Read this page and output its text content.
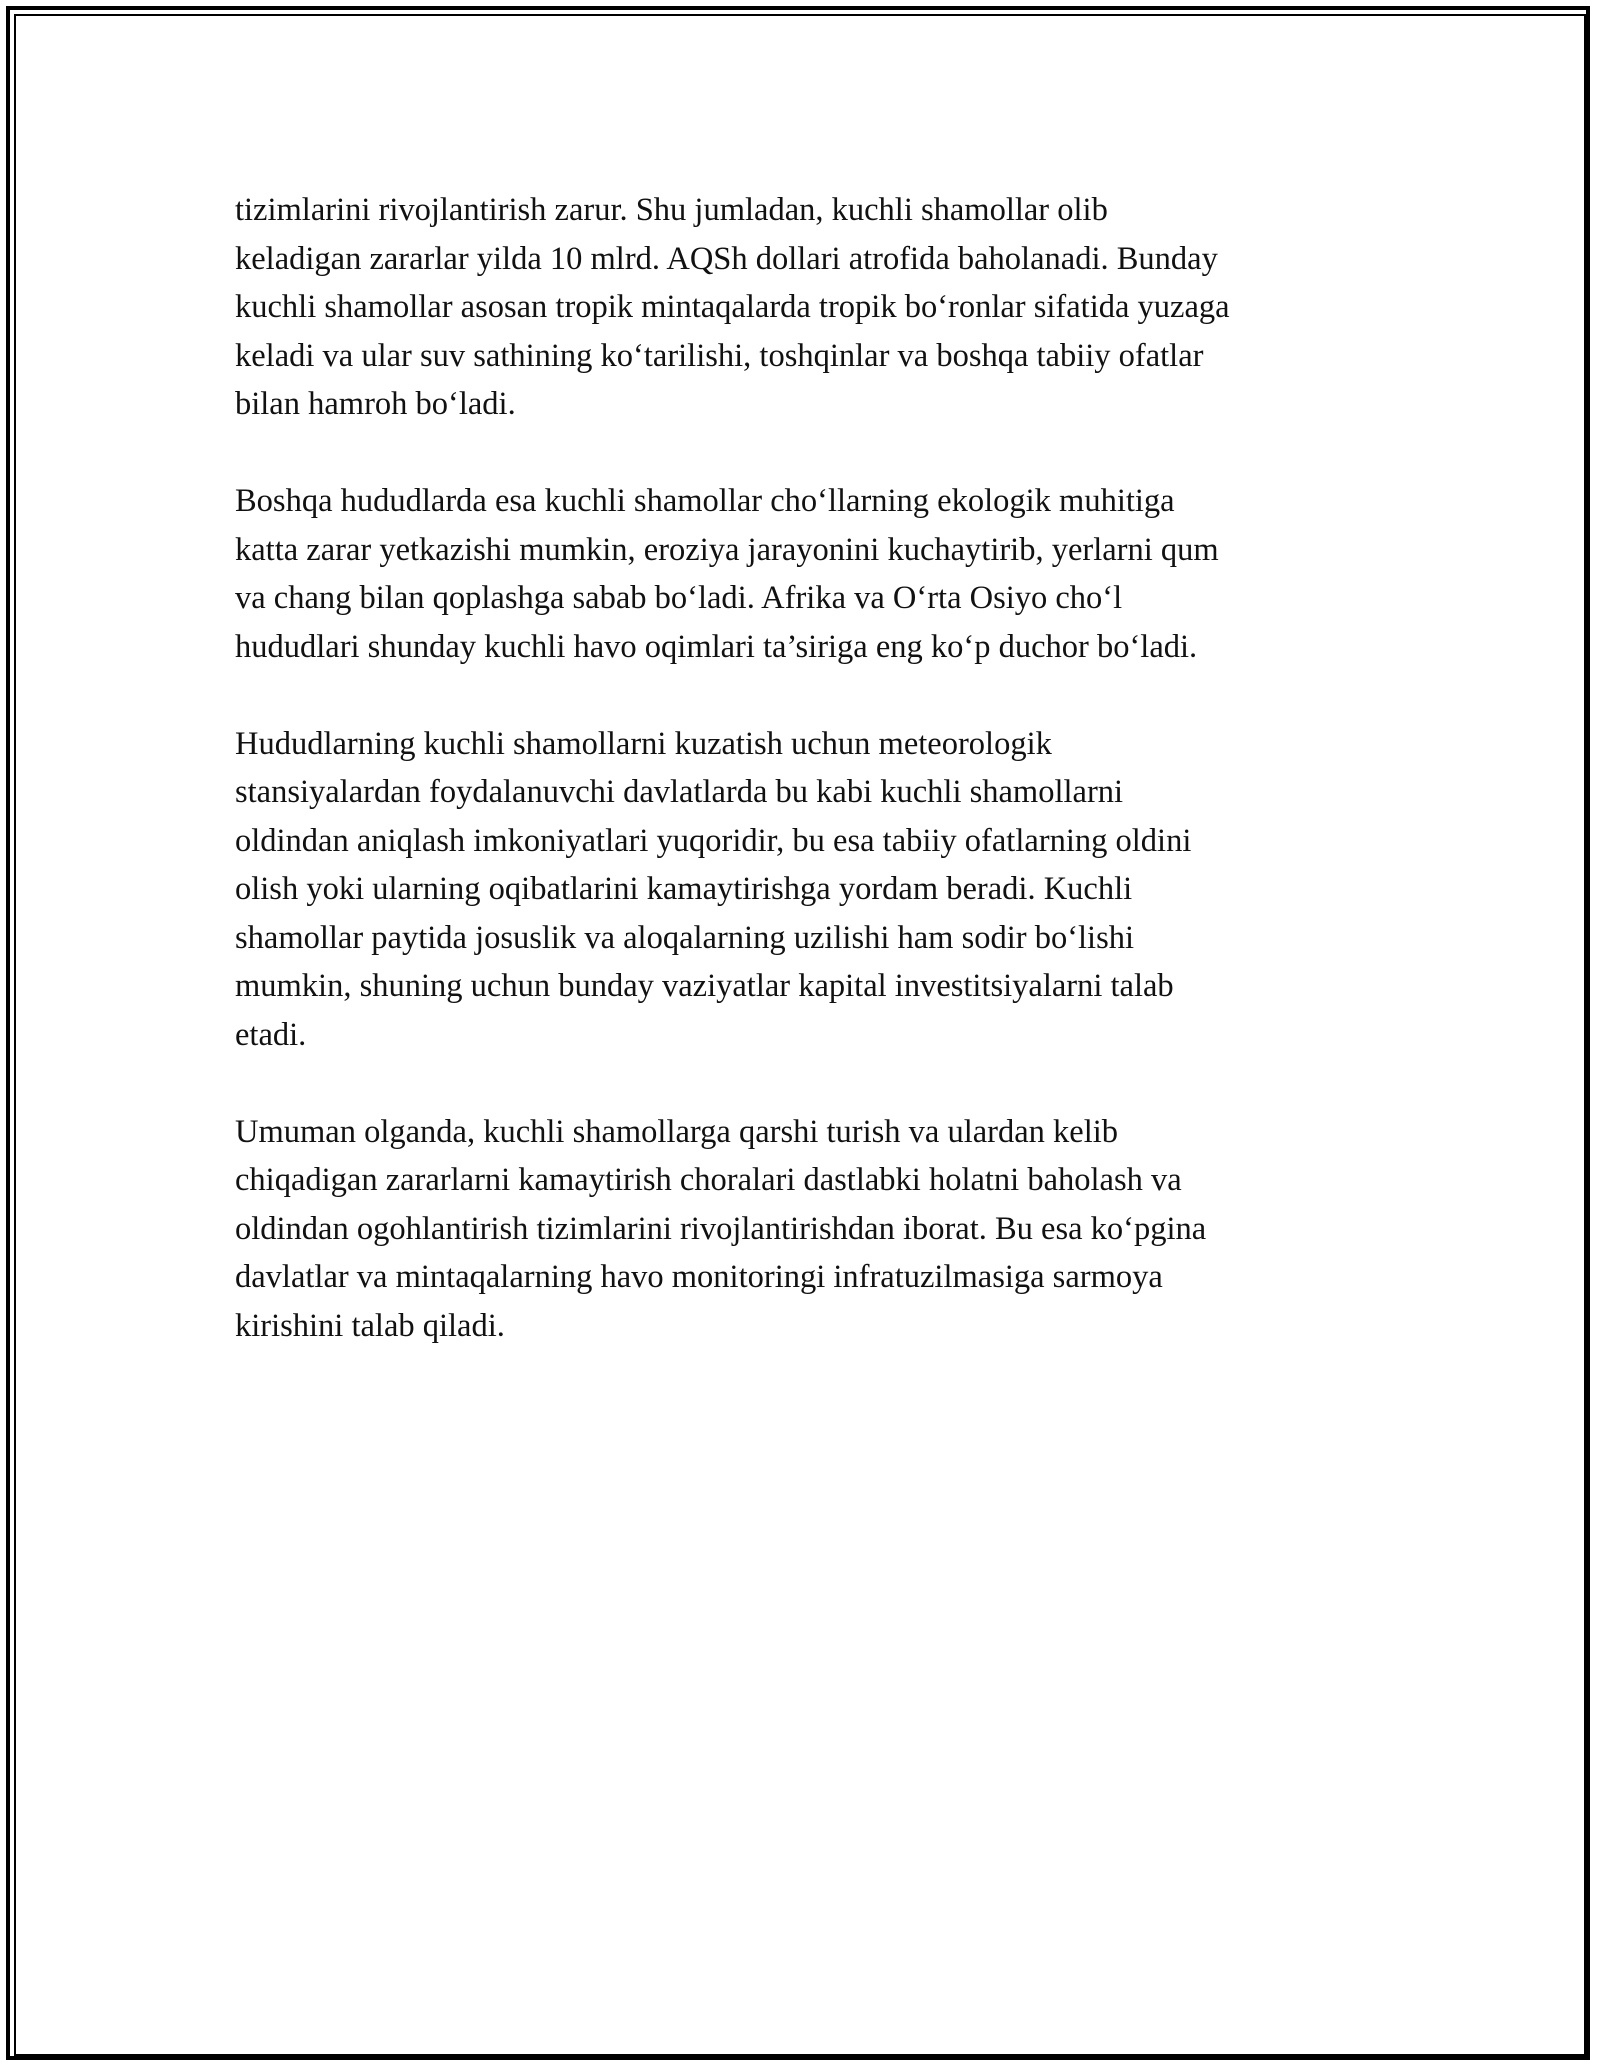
tizimlarini rivojlantirish zarur. Shu jumladan, kuchli shamollar olib
keladigan zararlar yilda 10 mlrd. AQSh dollari atrofida baholanadi. Bunday
kuchli shamollar asosan tropik mintaqalarda tropik bo‘ronlar sifatida yuzaga
keladi va ular suv sathining ko‘tarilishi, toshqinlar va boshqa tabiiy ofatlar
bilan hamroh bo‘ladi.

Boshqa hududlarda esa kuchli shamollar cho‘llarning ekologik muhitiga
katta zarar yetkazishi mumkin, eroziya jarayonini kuchaytirib, yerlarni qum
va chang bilan qoplashga sabab bo‘ladi. Afrika va O‘rta Osiyo cho‘l
hududlari shunday kuchli havo oqimlari ta’siriga eng ko‘p duchor bo‘ladi.

Hududlarning kuchli shamollarni kuzatish uchun meteorologik
stansiyalardan foydalanuvchi davlatlarda bu kabi kuchli shamollarni
oldindan aniqlash imkoniyatlari yuqoridir, bu esa tabiiy ofatlarning oldini
olish yoki ularning oqibatlarini kamaytirishga yordam beradi. Kuchli
shamollar paytida josuslik va aloqalarning uzilishi ham sodir bo‘lishi
mumkin, shuning uchun bunday vaziyatlar kapital investitsiyalarni talab
etadi.

Umuman olganda, kuchli shamollarga qarshi turish va ulardan kelib
chiqadigan zararlarni kamaytirish choralari dastlabki holatni baholash va
oldindan ogohlantirish tizimlarini rivojlantirishdan iborat. Bu esa ko‘pgina
davlatlar va mintaqalarning havo monitoringi infratuzilmasiga sarmoya
kirishini talab qiladi.
